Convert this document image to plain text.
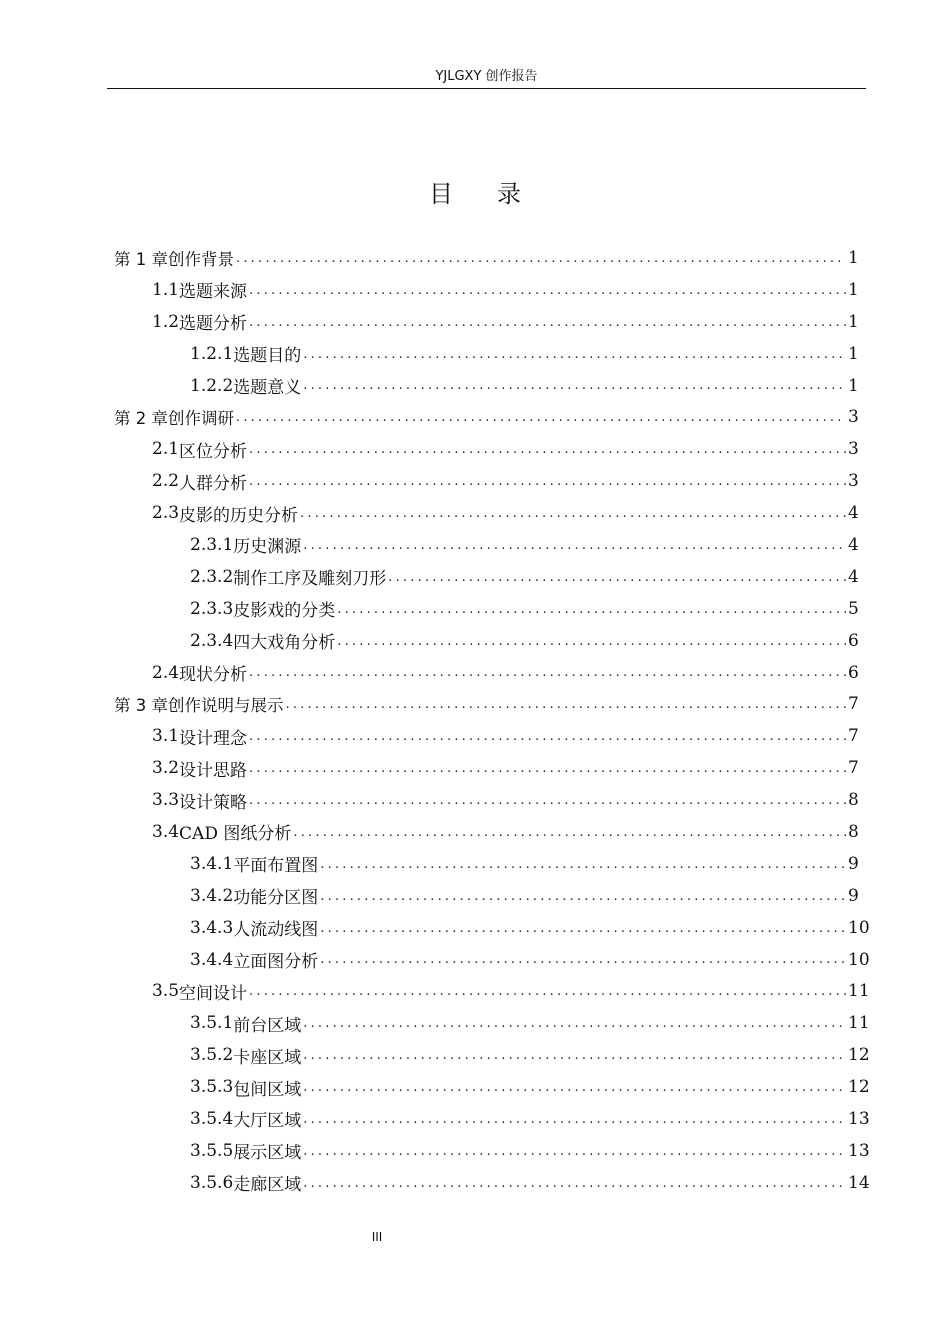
YJLGXY 创作报告
目录
第 1 章 创作背景 .....	1
1.1 选题来源 .....	1
1.2 选题分析 .....	1
1.2.1 选题目的 .....	1
1.2.2 选题意义 .....	1
第 2 章 创作调研 .....	3
2.1 区位分析 .....	3
2.2 人群分析 .....	3
2.3 皮影的历史分析 .....	4
2.3.1 历史渊源 .....	4
2.3.2 制作工序及雕刻刀形 .....	4
2.3.3 皮影戏的分类 .....	5
2.3.4 四大戏角分析 .....	6
2.4 现状分析 .....	6
第 3 章 创作说明与展示 .....	7
3.1 设计理念 .....	7
3.2 设计思路 .....	7
3.3 设计策略 .....	8
3.4 CAD 图纸分析 .....	8
3.4.1 平面布置图 .....	9
3.4.2 功能分区图 .....	9
3.4.3 人流动线图 .....	10
3.4.4 立面图分析 .....	10
3.5 空间设计 .....	11
3.5.1 前台区域 .....	11
3.5.2 卡座区域 .....	12
3.5.3 包间区域 .....	12
3.5.4 大厅区域 .....	13
3.5.5 展示区域 .....	13
3.5.6 走廊区域 .....	14
III
